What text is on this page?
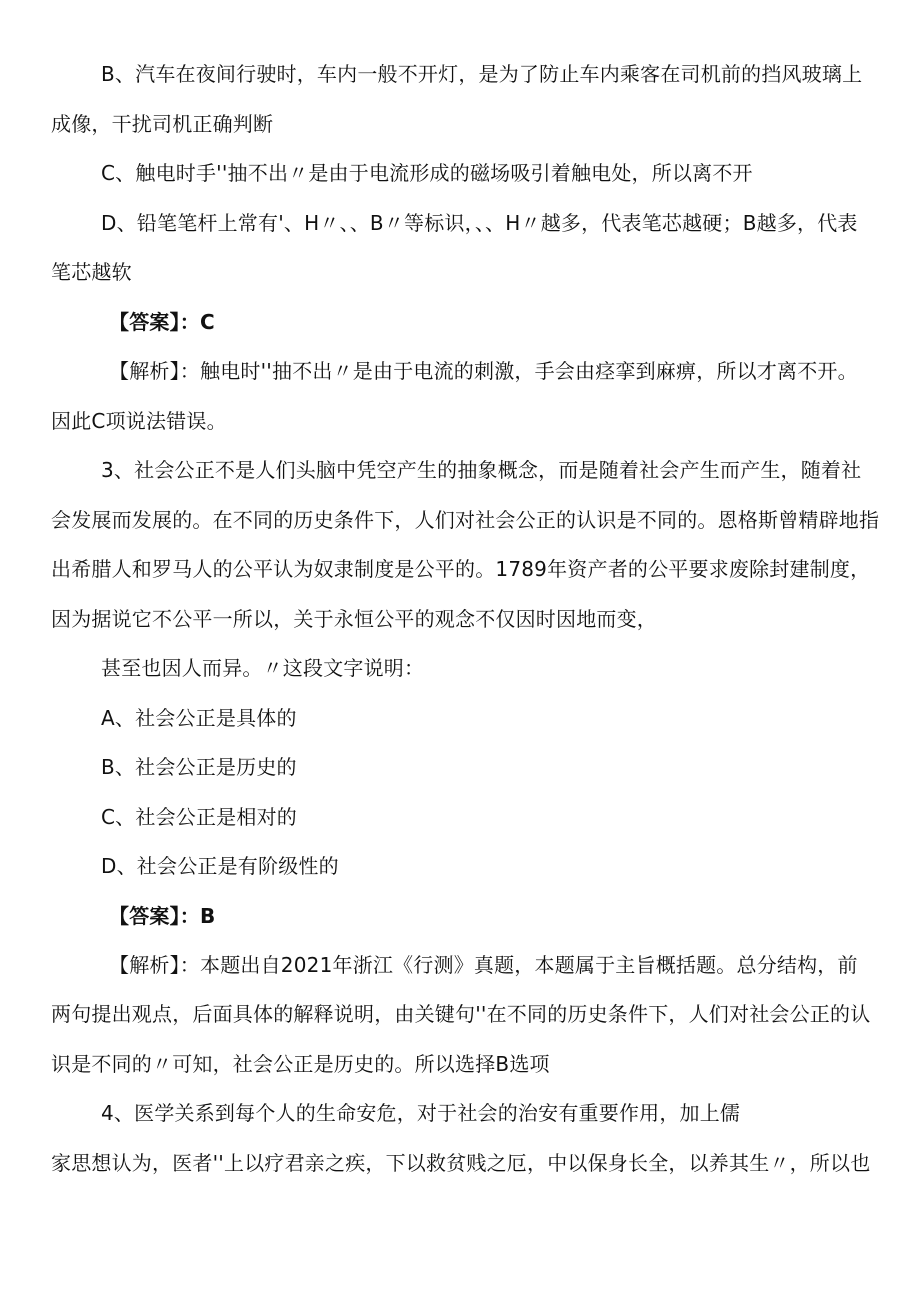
B、汽车在夜间行驶时，车内一般不开灯，是为了防止车内乘客在司机前的挡风玻璃上
成像，干扰司机正确判断
C、触电时手''抽不出〃是由于电流形成的磁场吸引着触电处，所以离不开
D、铅笔笔杆上常有'、H〃、、B〃等标识，、、H〃越多，代表笔芯越硬；B越多，代表
笔芯越软
【答案】：C
【解析】：触电时''抽不出〃是由于电流的刺激，手会由痉挛到麻痹，所以才离不开。
因此C项说法错误。
3、社会公正不是人们头脑中凭空产生的抽象概念，而是随着社会产生而产生，随着社
会发展而发展的。在不同的历史条件下，人们对社会公正的认识是不同的。恩格斯曾精辟地指
出希腊人和罗马人的公平认为奴隶制度是公平的。1789年资产者的公平要求废除封建制度，
因为据说它不公平一所以，关于永恒公平的观念不仅因时因地而变，
甚至也因人而异。〃这段文字说明：
A、社会公正是具体的
B、社会公正是历史的
C、社会公正是相对的
D、社会公正是有阶级性的
【答案】：B
【解析】：本题出自2021年浙江《行测》真题，本题属于主旨概括题。总分结构，前
两句提出观点，后面具体的解释说明，由关键句''在不同的历史条件下，人们对社会公正的认
识是不同的〃可知，社会公正是历史的。所以选择B选项
4、医学关系到每个人的生命安危，对于社会的治安有重要作用，加上儒
家思想认为，医者''上以疗君亲之疾，下以救贫贱之厄，中以保身长全，以养其生〃，所以也
